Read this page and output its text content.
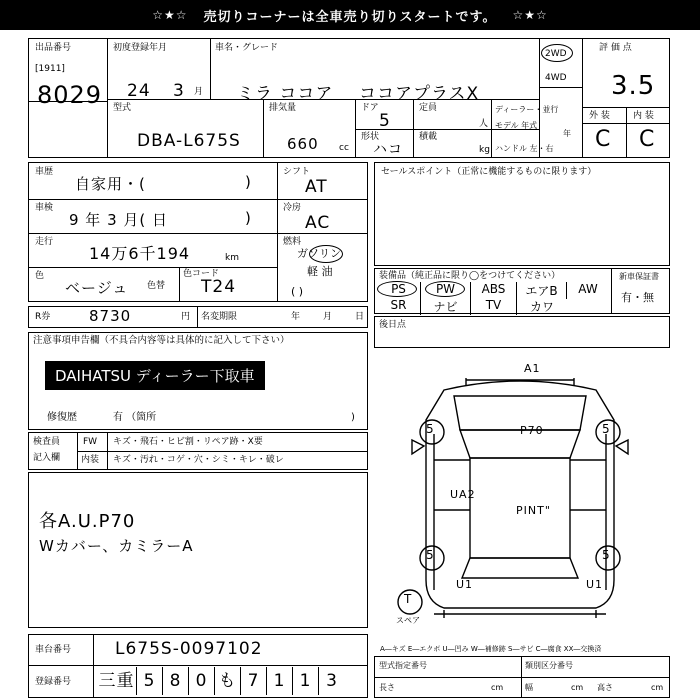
☆★☆ 売切りコーナーは全車売り切りスタートです。 ☆★☆
出品番号
[1911]
8029
初度登録年月
24 3 月
車名・グレード
ミラ ココア ココアプラスX
2WD
4WD
評 価 点
3.5
型式
DBA-L675S
排気量
660 cc
ドア
5
定員
人
形状
ハコ
積載
kg
ディーラー・並行
モデル 年式
年
ハンドル 左・右
外 装	内 装
C C
車歴
自家用・(	)
車検
9 年 3 月( 日	)
走行
14万6千194	km
色
ベージュ 色替
色コード
T24
シフト
AT
冷房
AC
燃料
ガソリン
軽 油
( )
R券	8730	円 名変期限	年	月	日
セールスポイント（正常に機能するものに限ります）
装備品（純正品に限り◯をつけてください）
PS	PW	ABS	エアB	AW
SR	ナビ	TV	カワ
新車保証書
有・無
注意事項申告欄（不具合内容等は具体的に記入して下さい）
DAIHATSU ディーラー下取車
修復歴	有 （箇所	)
後日点
検査員
記入欄
FW キズ・飛石・ヒビ割・リペア跡・X要
内装 キズ・汚れ・コゲ・穴・シミ・キレ・破レ
各A.U.P70
Wカバー、カミラーA
A1
P70
UA2
PINT"
U1	U1
5	5
5	5
T
スペア
A―キズ E―エクボ U―凹み W―補修跡 S―サビ C―腐食 XX―交換済
型式指定番号	類別区分番号
長さ	cm	幅	cm 高さ	cm
車台番号	L675S-0097102
登録番号 三重 5 8 0 も 7 1 1 3
